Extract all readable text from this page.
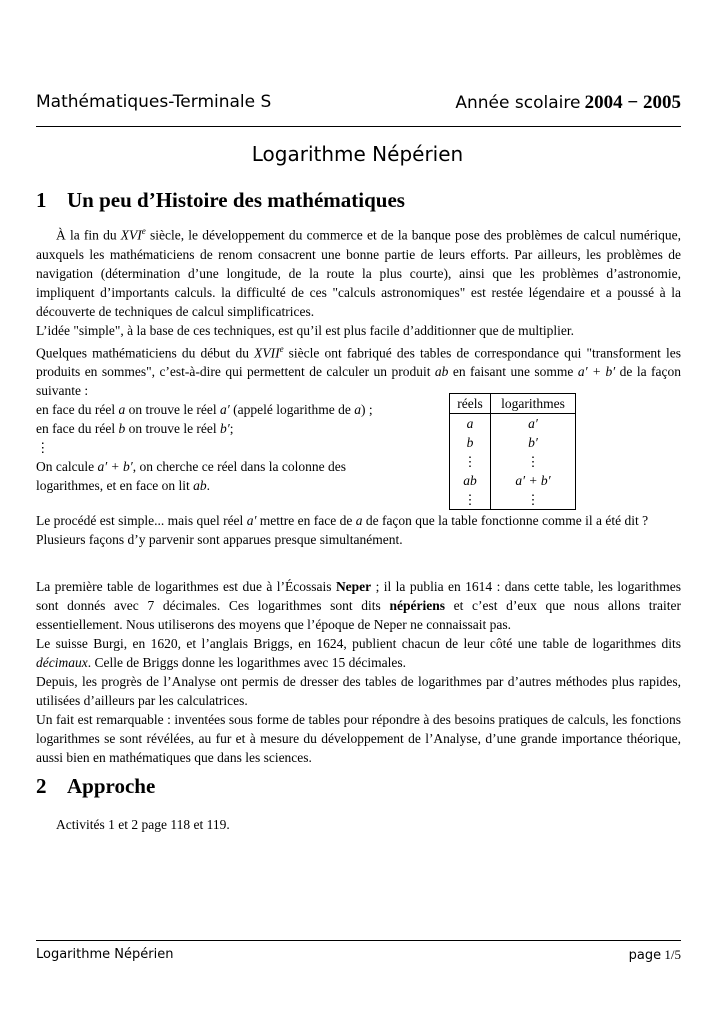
Mathématiques-Terminale S	Année scolaire 2004 − 2005
Logarithme Népérien
1 Un peu d’Histoire des mathématiques

À la fin du XVIe siècle, le développement du commerce et de la banque pose des problèmes de calcul numérique, auxquels les mathématiciens de renom consacrent une bonne partie de leurs efforts. Par ailleurs, les problèmes de navigation (détermination d’une longitude, de la route la plus courte), ainsi que les problèmes d’astronomie, impliquent d’importants calculs. la difficulté de ces "calculs astronomiques" est restée légendaire et a poussé à la découverte de techniques de calcul simplificatrices.

L’idée "simple", à la base de ces techniques, est qu’il est plus facile d’additionner que de multiplier.

Quelques mathématiciens du début du XVIIe siècle ont fabriqué des tables de correspondance qui "transforment les produits en sommes", c’est-à-dire qui permettent de calculer un produit ab en faisant une somme a′ + b′ de la façon suivante :

en face du réel a on trouve le réel a′ (appelé logarithme de a) ;

en face du réel b on trouve le réel b′;

⋮

On calcule a′ + b′, on cherche ce réel dans la colonne des logarithmes, et en face on lit ab.

réels	logarithmes
a	a′
b	b′
⋮	⋮
ab	a′ + b′
⋮	⋮

Le procédé est simple... mais quel réel a′ mettre en face de a de façon que la table fonctionne comme il a été dit ?

Plusieurs façons d’y parvenir sont apparues presque simultanément.

La première table de logarithmes est due à l’Écossais Neper ; il la publia en 1614 : dans cette table, les logarithmes sont donnés avec 7 décimales. Ces logarithmes sont dits népériens et c’est d’eux que nous allons traiter essentiellement. Nous utiliserons des moyens que l’époque de Neper ne connaissait pas.

Le suisse Burgi, en 1620, et l’anglais Briggs, en 1624, publient chacun de leur côté une table de logarithmes dits décimaux. Celle de Briggs donne les logarithmes avec 15 décimales.

Depuis, les progrès de l’Analyse ont permis de dresser des tables de logarithmes par d’autres méthodes plus rapides, utilisées d’ailleurs par les calculatrices.

Un fait est remarquable : inventées sous forme de tables pour répondre à des besoins pratiques de calculs, les fonctions logarithmes se sont révélées, au fur et à mesure du développement de l’Analyse, d’une grande importance théorique, aussi bien en mathématiques que dans les sciences.

2 Approche

Activités 1 et 2 page 118 et 119.

Logarithme Népérien	page 1/5
